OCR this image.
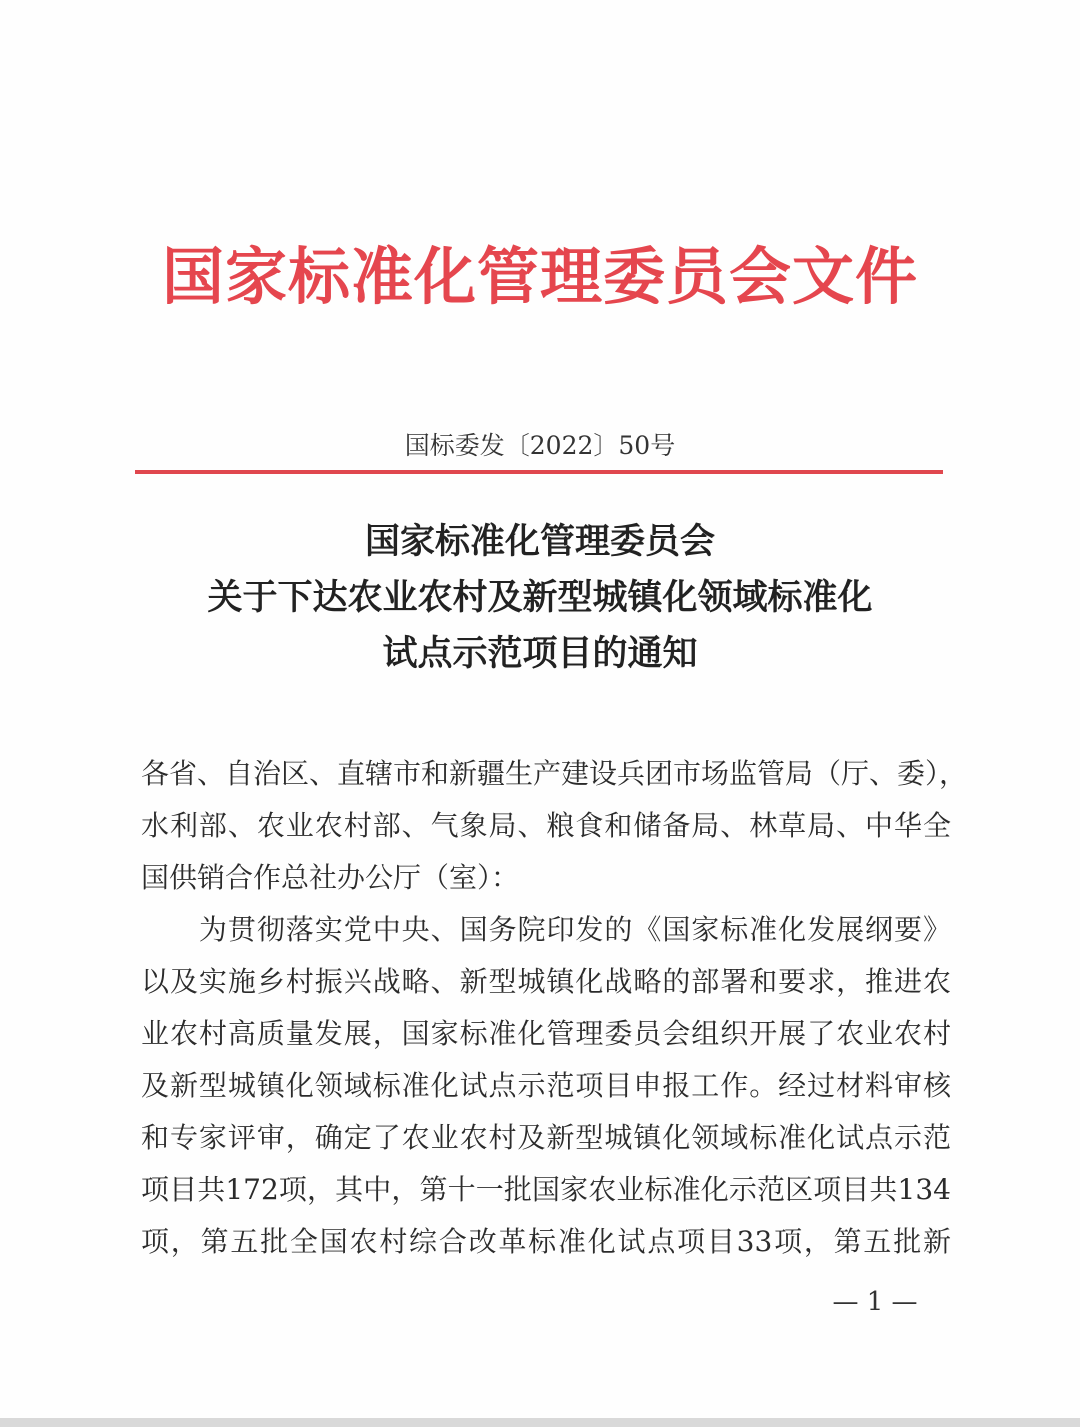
国家标准化管理委员会文件
国标委发〔2022〕50号
国家标准化管理委员会
关于下达农业农村及新型城镇化领域标准化
试点示范项目的通知
各省、自治区、直辖市和新疆生产建设兵团市场监管局（厅、委），
水利部、农业农村部、气象局、粮食和储备局、林草局、中华全
国供销合作总社办公厅（室）：
　　为贯彻落实党中央、国务院印发的《国家标准化发展纲要》
以及实施乡村振兴战略、新型城镇化战略的部署和要求，推进农
业农村高质量发展，国家标准化管理委员会组织开展了农业农村
及新型城镇化领域标准化试点示范项目申报工作。经过材料审核
和专家评审，确定了农业农村及新型城镇化领域标准化试点示范
项目共172项，其中，第十一批国家农业标准化示范区项目共134
项，第五批全国农村综合改革标准化试点项目33项，第五批新
— 1 —
